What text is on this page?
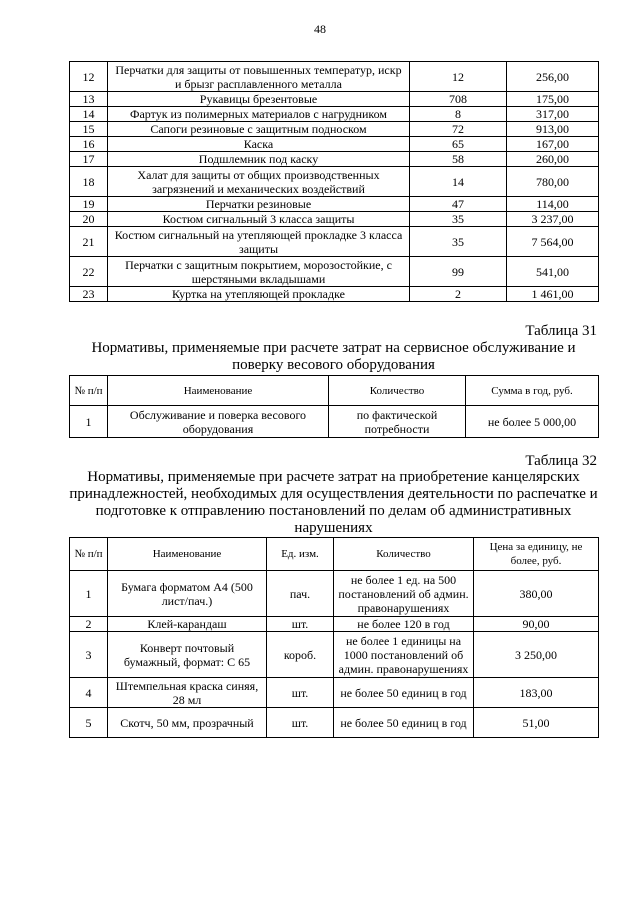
48
12	Перчатки для защиты от повышенных температур, искр и брызг расплавленного металла	12	256,00
13	Рукавицы брезентовые	708	175,00
14	Фартук из полимерных материалов с нагрудником	8	317,00
15	Сапоги резиновые с защитным подноском	72	913,00
16	Каска	65	167,00
17	Подшлемник под каску	58	260,00
18	Халат для защиты от общих производственных загрязнений и механических воздействий	14	780,00
19	Перчатки резиновые	47	114,00
20	Костюм сигнальный 3 класса защиты	35	3 237,00
21	Костюм сигнальный на утепляющей прокладке 3 класса защиты	35	7 564,00
22	Перчатки с защитным покрытием, морозостойкие, с шерстяными вкладышами	99	541,00
23	Куртка на утепляющей прокладке	2	1 461,00
Таблица 31
Нормативы, применяемые при расчете затрат на сервисное обслуживание и поверку весового оборудования
№ п/п	Наименование	Количество	Сумма в год, руб.
1	Обслуживание и поверка весового оборудования	по фактической потребности	не более 5 000,00
Таблица 32
Нормативы, применяемые при расчете затрат на приобретение канцелярских принадлежностей, необходимых для осуществления деятельности по распечатке и подготовке к отправлению постановлений по делам об административных нарушениях
№ п/п	Наименование	Ед. изм.	Количество	Цена за единицу, не более, руб.
1	Бумага форматом А4 (500 лист/пач.)	пач.	не более 1 ед. на 500 постановлений об админ. правонарушениях	380,00
2	Клей-карандаш	шт.	не более 120 в год	90,00
3	Конверт почтовый бумажный, формат: С 65	короб.	не более 1 единицы на 1000 постановлений об админ. правонарушениях	3 250,00
4	Штемпельная краска синяя, 28 мл	шт.	не более 50 единиц в год	183,00
5	Скотч, 50 мм, прозрачный	шт.	не более 50 единиц в год	51,00
